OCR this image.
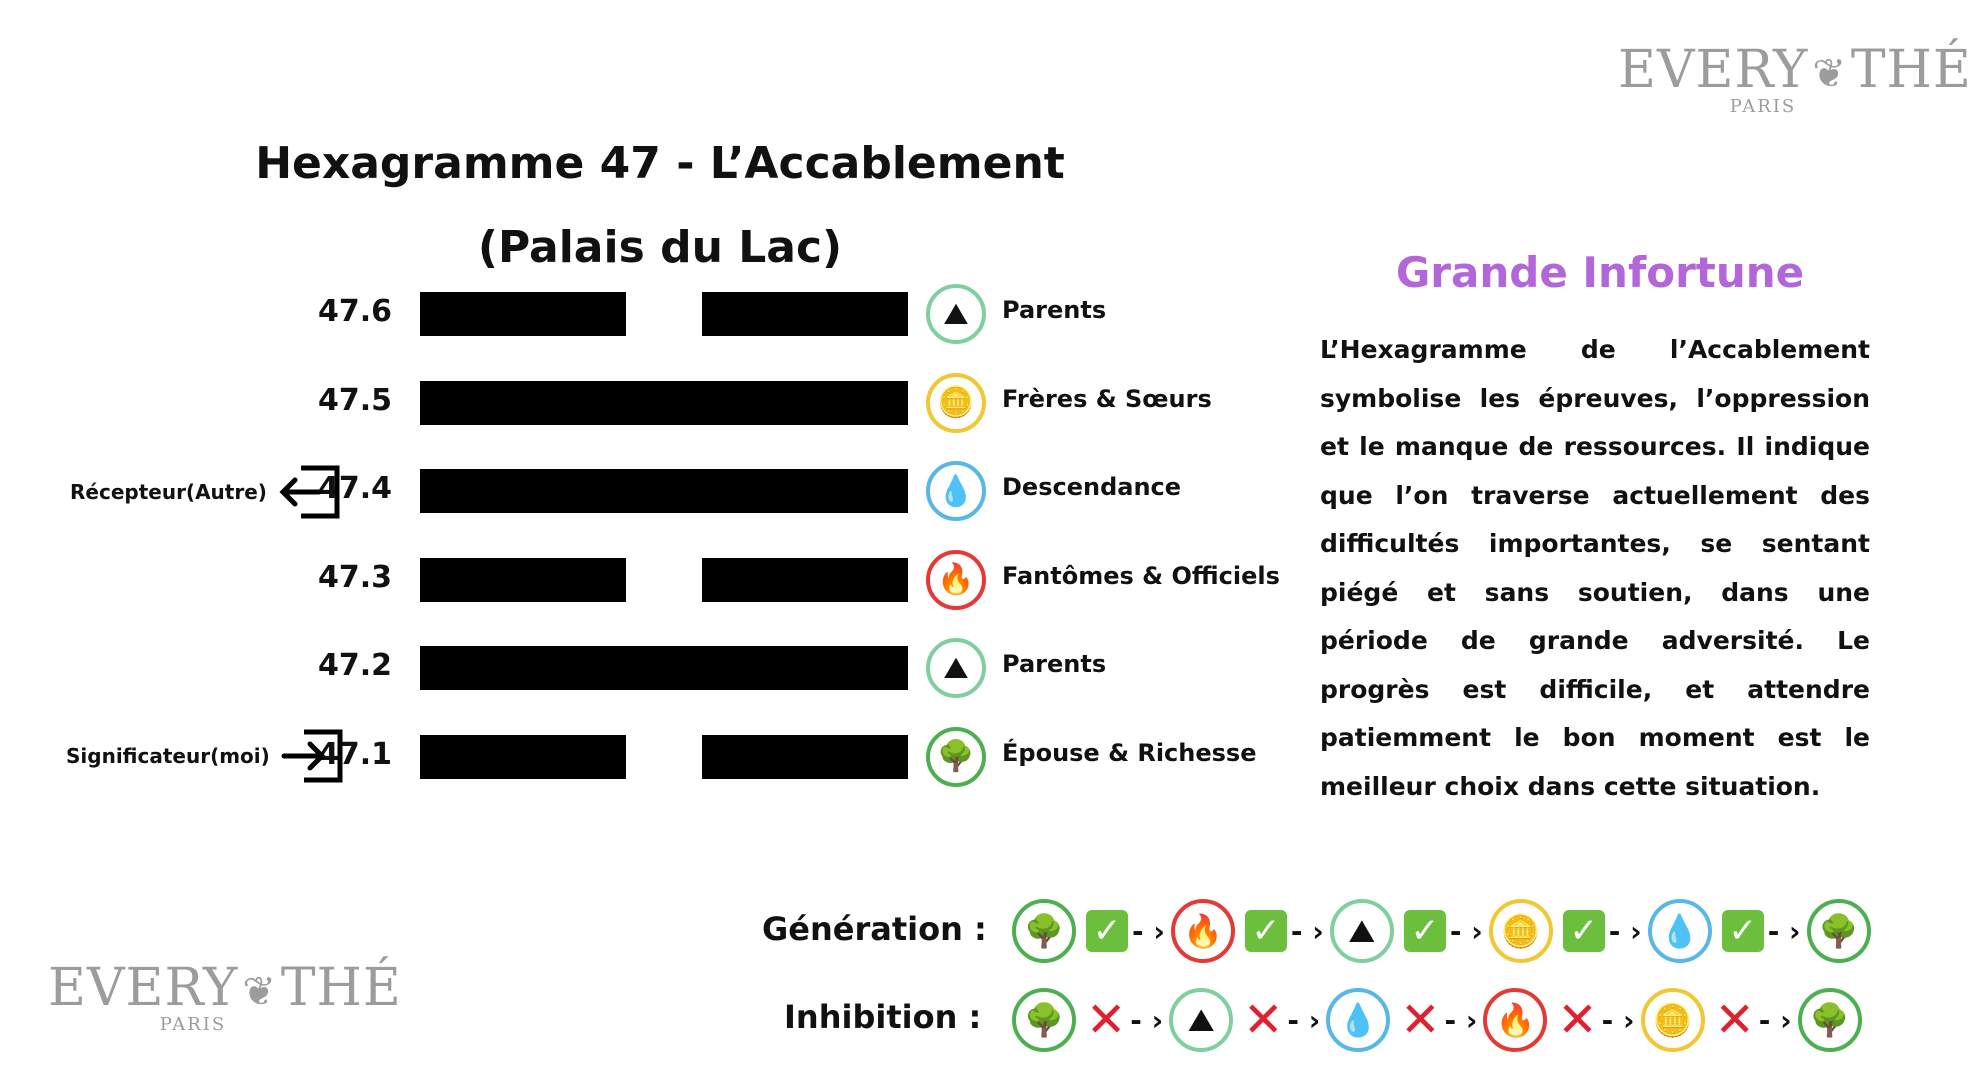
EVERY ❦THÉ
PARIS
EVERY ❦THÉ
PARIS
Hexagramme 47 - L’Accablement
(Palais du Lac)
47.6	⛰	Parents
47.5	🪙	Frères & Sœurs
47.4	💧	Descendance
47.3	🔥	Fantômes & Officiels
47.2	⛰	Parents
47.1	🌳	Épouse & Richesse
Récepteur(Autre)
Significateur(moi)
Grande Infortune
L’Hexagramme de l’Accablement symbolise les épreuves, l’oppression et le manque de ressources. Il indique que l’on traverse actuellement des difficultés importantes, se sentant piégé et sans soutien, dans une période de grande adversité. Le progrès est difficile, et attendre patiemment le bon moment est le meilleur choix dans cette situation.
Génération :	🌳 ✓ - › 🔥 ✓ - › ⛰	✓ - › 🪙 ✓ - › 💧 ✓ - › 🌳
Inhibition :	🌳 ✕ - › ⛰ ✕ - › 💧 ✕ - › 🔥 ✕ - › 🪙 ✕ - › 🌳
